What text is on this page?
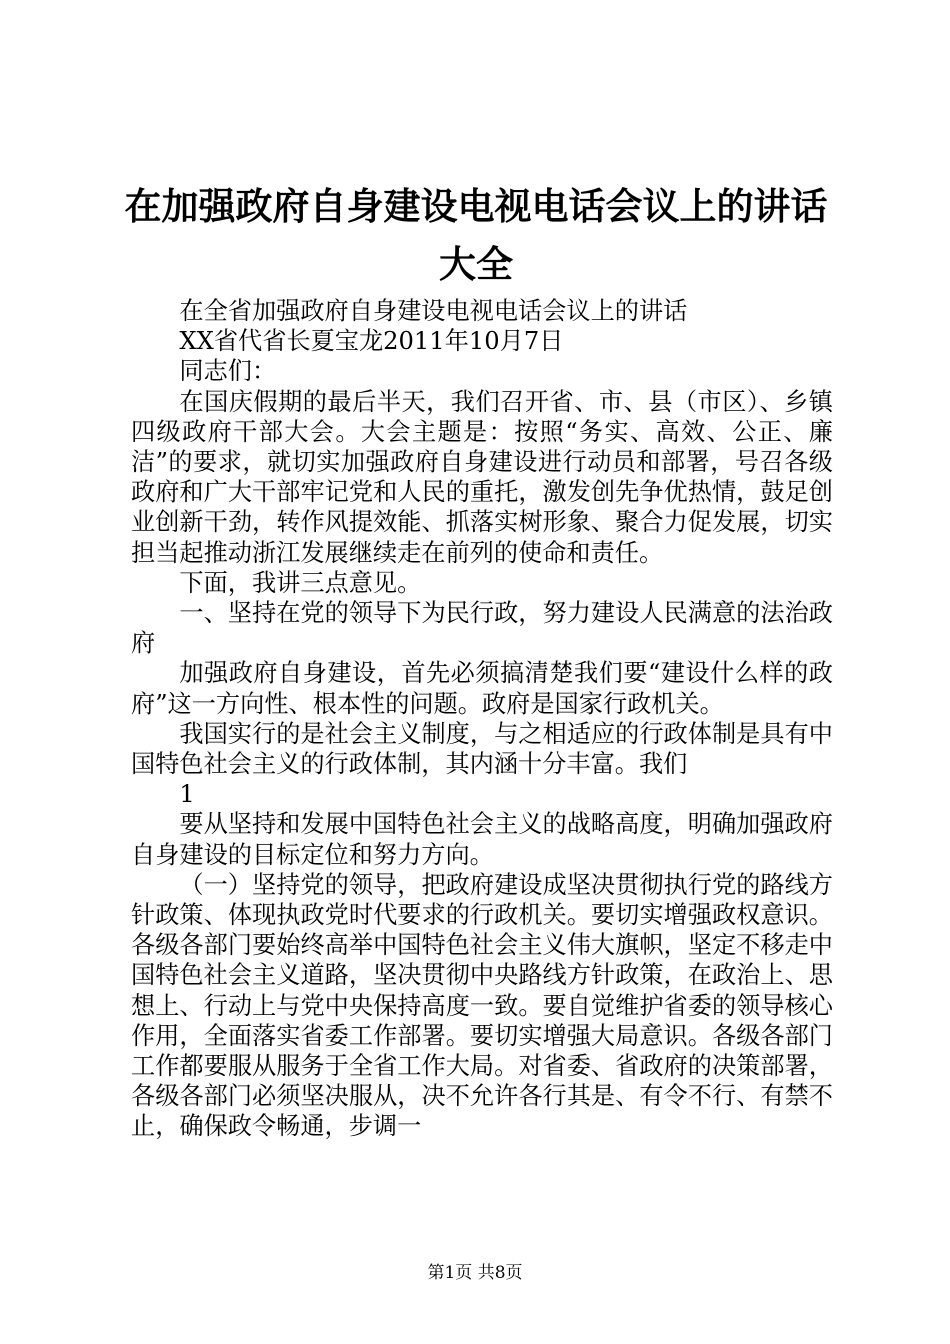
在加强政府自身建设电视电话会议上的讲话大全

在全省加强政府自身建设电视电话会议上的讲话

XX省代省长夏宝龙2011年10月7日

同志们：

在国庆假期的最后半天，我们召开省、市、县（市区）、乡镇四级政府干部大会。大会主题是：按照“务实、高效、公正、廉洁”的要求，就切实加强政府自身建设进行动员和部署，号召各级政府和广大干部牢记党和人民的重托，激发创先争优热情，鼓足创业创新干劲，转作风提效能、抓落实树形象、聚合力促发展，切实担当起推动浙江发展继续走在前列的使命和责任。

下面，我讲三点意见。

一、坚持在党的领导下为民行政，努力建设人民满意的法治政府

加强政府自身建设，首先必须搞清楚我们要“建设什么样的政府”这一方向性、根本性的问题。政府是国家行政机关。

我国实行的是社会主义制度，与之相适应的行政体制是具有中国特色社会主义的行政体制，其内涵十分丰富。我们

1

要从坚持和发展中国特色社会主义的战略高度，明确加强政府自身建设的目标定位和努力方向。

（一）坚持党的领导，把政府建设成坚决贯彻执行党的路线方针政策、体现执政党时代要求的行政机关。要切实增强政权意识。各级各部门要始终高举中国特色社会主义伟大旗帜，坚定不移走中国特色社会主义道路，坚决贯彻中央路线方针政策，在政治上、思想上、行动上与党中央保持高度一致。要自觉维护省委的领导核心作用，全面落实省委工作部署。要切实增强大局意识。各级各部门工作都要服从服务于全省工作大局。对省委、省政府的决策部署，各级各部门必须坚决服从，决不允许各行其是、有令不行、有禁不止，确保政令畅通，步调一

第1页 共8页
